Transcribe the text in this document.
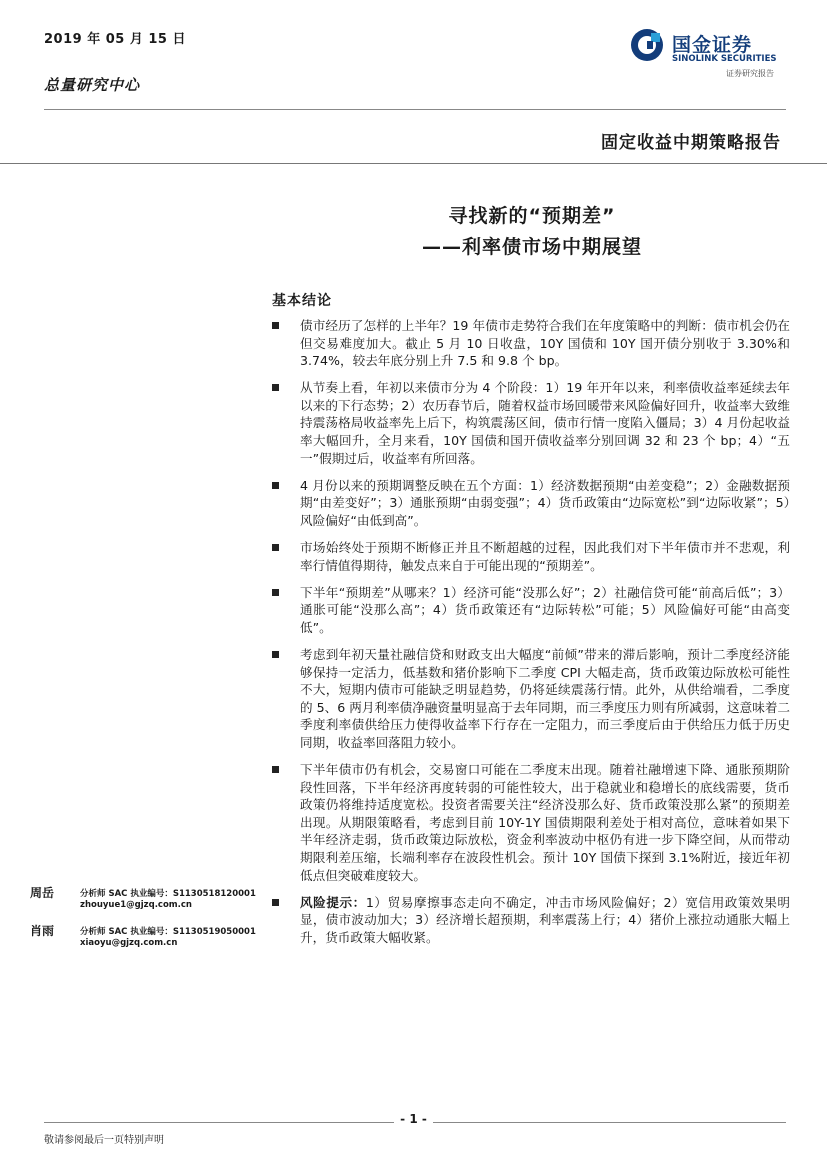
2019 年 05 月 15 日
总量研究中心
国金证券
SINOLINK SECURITIES
证券研究报告
固定收益中期策略报告
寻找新的“预期差”
——利率债市场中期展望
基本结论
债市经历了怎样的上半年？19 年债市走势符合我们在年度策略中的判断：债市机会仍在但交易难度加大。截止 5 月 10 日收盘，10Y 国债和 10Y 国开债分别收于 3.30%和 3.74%，较去年底分别上升 7.5 和 9.8 个 bp。
从节奏上看，年初以来债市分为 4 个阶段：1）19 年开年以来，利率债收益率延续去年以来的下行态势；2）农历春节后，随着权益市场回暖带来风险偏好回升，收益率大致维持震荡格局收益率先上后下，构筑震荡区间，债市行情一度陷入僵局；3）4 月份起收益率大幅回升，全月来看，10Y 国债和国开债收益率分别回调 32 和 23 个 bp；4）“五一”假期过后，收益率有所回落。
4 月份以来的预期调整反映在五个方面：1）经济数据预期“由差变稳”；2）金融数据预期“由差变好”；3）通胀预期“由弱变强”；4）货币政策由“边际宽松”到“边际收紧”；5）风险偏好“由低到高”。
市场始终处于预期不断修正并且不断超越的过程，因此我们对下半年债市并不悲观，利率行情值得期待，触发点来自于可能出现的“预期差”。
下半年“预期差”从哪来？1）经济可能“没那么好”；2）社融信贷可能“前高后低”；3）通胀可能“没那么高”；4）货币政策还有“边际转松”可能；5）风险偏好可能“由高变低”。
考虑到年初天量社融信贷和财政支出大幅度“前倾”带来的滞后影响，预计二季度经济能够保持一定活力，低基数和猪价影响下二季度 CPI 大幅走高，货币政策边际放松可能性不大，短期内债市可能缺乏明显趋势，仍将延续震荡行情。此外，从供给端看，二季度的 5、6 两月利率债净融资量明显高于去年同期，而三季度压力则有所减弱，这意味着二季度利率债供给压力使得收益率下行存在一定阻力，而三季度后由于供给压力低于历史同期，收益率回落阻力较小。
下半年债市仍有机会，交易窗口可能在二季度末出现。随着社融增速下降、通胀预期阶段性回落，下半年经济再度转弱的可能性较大，出于稳就业和稳增长的底线需要，货币政策仍将维持适度宽松。投资者需要关注“经济没那么好、货币政策没那么紧”的预期差出现。从期限策略看，考虑到目前 10Y-1Y 国债期限利差处于相对高位，意味着如果下半年经济走弱，货币政策边际放松，资金利率波动中枢仍有进一步下降空间，从而带动期限利差压缩，长端利率存在波段性机会。预计 10Y 国债下探到 3.1%附近，接近年初低点但突破难度较大。
风险提示：1）贸易摩擦事态走向不确定，冲击市场风险偏好；2）宽信用政策效果明显，债市波动加大；3）经济增长超预期，利率震荡上行；4）猪价上涨拉动通胀大幅上升，货币政策大幅收紧。
周岳	分析师 SAC 执业编号：S1130518120001
zhouyue1@gjzq.com.cn
肖雨	分析师 SAC 执业编号：S1130519050001
xiaoyu@gjzq.com.cn
- 1 -
敬请参阅最后一页特别声明
